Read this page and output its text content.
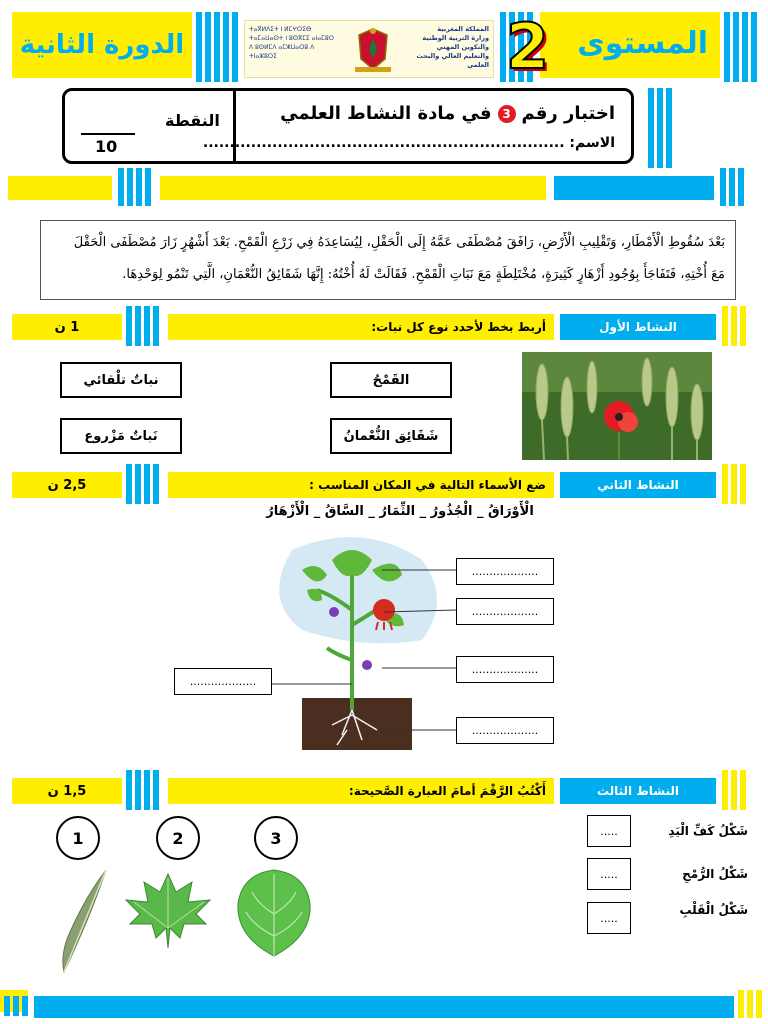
الدورة الثانية
ⵜⴰⴳⵍⴷⵉⵜ ⵏ ⵍⵎⵖⵔⵉⴱ
ⵜⴰⵎⴰⵡⴰⵙⵜ ⵏ ⵓⵙⴳⵎⵉ ⴰⵏⴰⵎⵓⵔ
ⴷ ⵓⵙⵍⵎⴷ ⴰⵎⵣⵡⴰⵔⵓ ⴷ ⵜⵏⴰⵣⵓⵔⵉ
المملكة المغربية
وزارة التربية الوطنية والتكوين المهني
والتعليم العالي والبحث العلمي
المستوى
2
اختبار رقم
3
في مادة النشاط العلمي
الاسم: ....................................................................
النقطة
10
بَعْدَ سُقُوطِ الْأَمْطَارِ، وَتَقْلِيبِ الْأَرْضِ، رَافَقَ مُصْطَفَى عَمَّهُ إِلَى الْحَقْلِ، لِيُسَاعِدَهُ فِي زَرْعِ الْقَمْحِ. بَعْدَ أَشْهُرٍ زَارَ مُصْطَفَى الْحَقْلَ
مَعَ أُخْتِهِ، فَتَفَاجَأَ بِوُجُودِ أَزْهَارٍ كَثِيرَةٍ، مُخْتَلِطَةٍ مَعَ نَبَاتِ الْقَمْحِ. فَقَالَتْ لَهُ أُخْتُهُ: إِنَّهَا شَقَائِقُ النُّعْمَانِ، الَّتِي تَنْمُو لِوَحْدِهَا.
1 ن	أربط بخط لأحدد نوع كل نبات:	النشاط الأول
القَمْحُ
شَقَائِق النُّعْمانُ
نباتٌ تلْقائي
نَباتٌ مَزْروع
2,5 ن	ضع الأسماء التالية في المكان المناسب :	النشاط الثاني
الْأَوْرَاقُ _ الْجُذُورُ _ الثِّمَارُ _ السَّاقُ _ الْأَزْهَارُ
...................
...................
...................
...................
...................
1,5 ن	أَكْتُبُ الرَّقْمَ أمامَ العبارة الصَّحيحة:	النشاط الثالث
1	2	3	.....
.....
.....
شَكْلُ كَفِّ الْيَدِ
شَكْلُ الرُّمْحِ
شَكْلُ الْقَلْبِ
